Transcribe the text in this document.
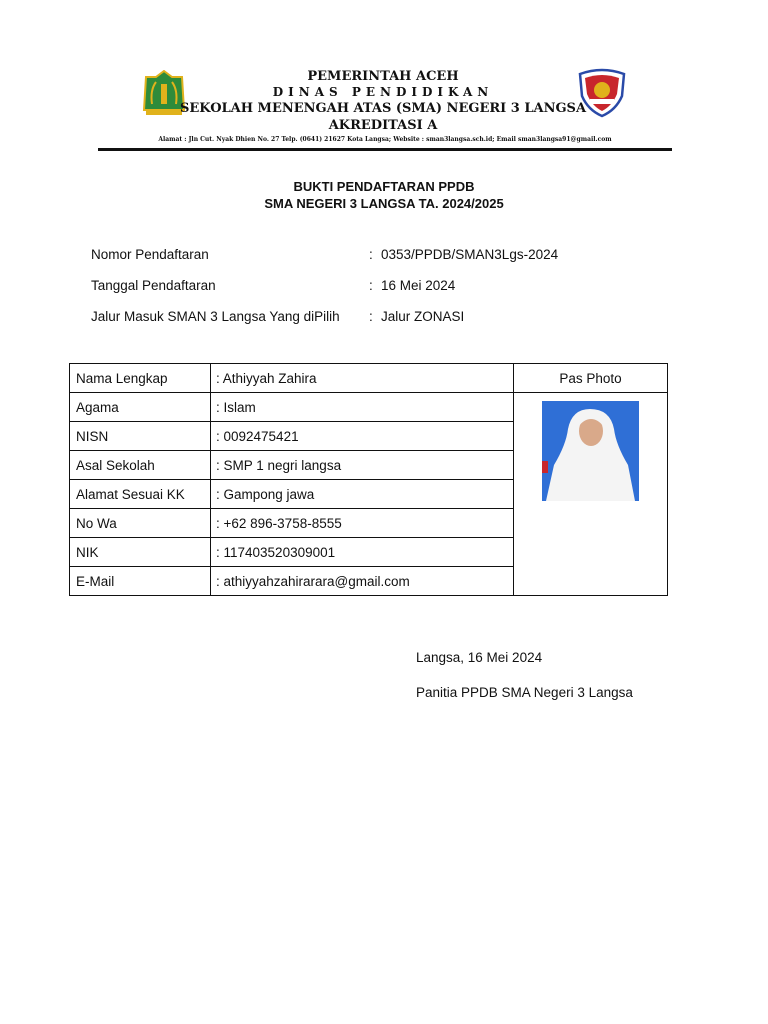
PEMERINTAH ACEH
DINAS PENDIDIKAN
SEKOLAH MENENGAH ATAS (SMA) NEGERI 3 LANGSA
AKREDITASI A
Alamat : Jln Cut. Nyak Dhien No. 27 Telp. (0641) 21627 Kota Langsa; Website : sman3langsa.sch.id; Email sman3langsa91@gmail.com
BUKTI PENDAFTARAN PPDB
SMA NEGERI 3 LANGSA TA. 2024/2025
Nomor Pendaftaran	: 0353/PPDB/SMAN3Lgs-2024
Tanggal Pendaftaran	: 16 Mei 2024
Jalur Masuk SMAN 3 Langsa Yang diPilih : Jalur ZONASI
Nama Lengkap	: Athiyyah Zahira	Pas Photo
Agama	: Islam	
NISN	: 0092475421	
Asal Sekolah	: SMP 1 negri langsa	
Alamat Sesuai KK	: Gampong jawa	
No Wa	: +62 896-3758-8555	
NIK	: 117403520309001	
E-Mail	: athiyyahzahirarara@gmail.com	
Langsa, 16 Mei 2024
Panitia PPDB SMA Negeri 3 Langsa
